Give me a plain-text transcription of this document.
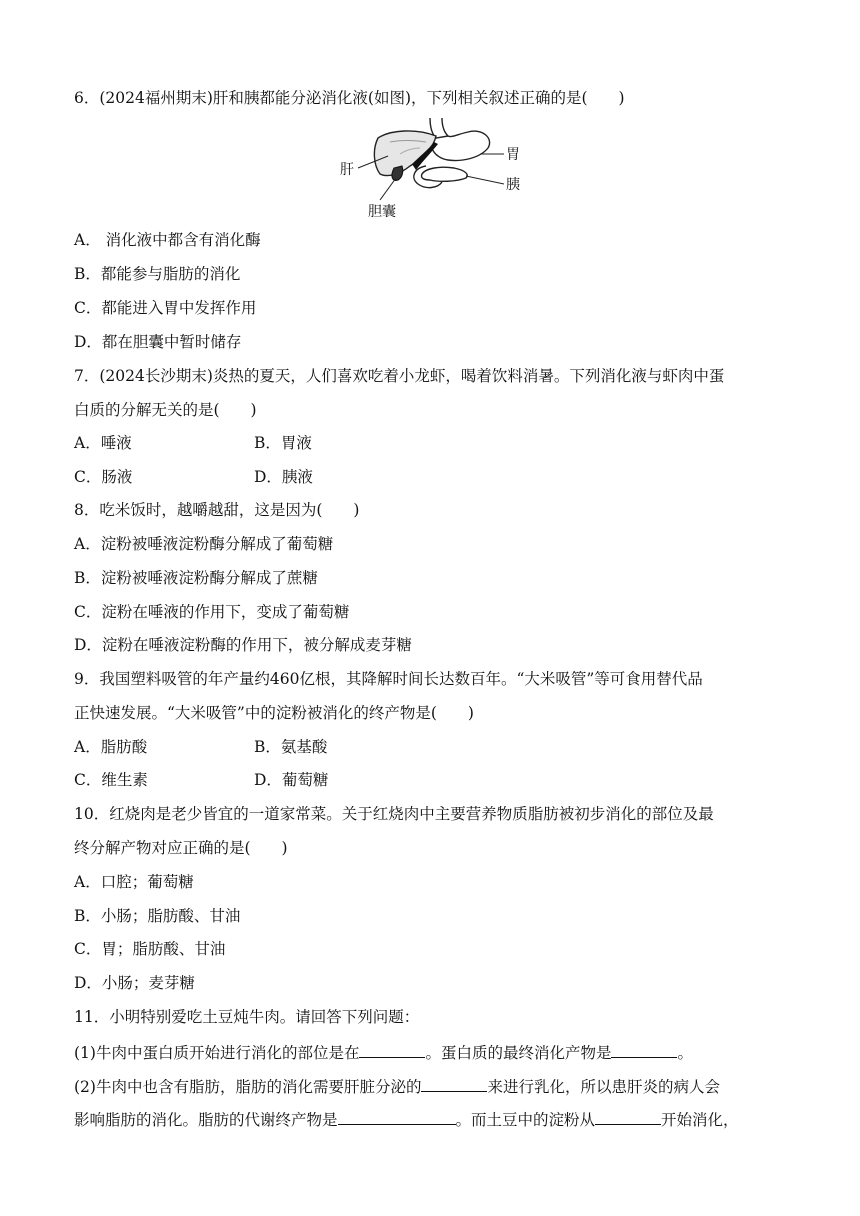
6．(2024福州期末)肝和胰都能分泌消化液(如图)，下列相关叙述正确的是(　　)
肝
胆囊
胃
胰
A． 消化液中都含有消化酶
B．都能参与脂肪的消化
C．都能进入胃中发挥作用
D．都在胆囊中暂时储存
7．(2024长沙期末)炎热的夏天，人们喜欢吃着小龙虾，喝着饮料消暑。下列消化液与虾肉中蛋
白质的分解无关的是(　　)
A．唾液	B．胃液
C．肠液	D．胰液
8．吃米饭时，越嚼越甜，这是因为(　　)
A．淀粉被唾液淀粉酶分解成了葡萄糖
B．淀粉被唾液淀粉酶分解成了蔗糖
C．淀粉在唾液的作用下，变成了葡萄糖
D．淀粉在唾液淀粉酶的作用下，被分解成麦芽糖
9．我国塑料吸管的年产量约460亿根，其降解时间长达数百年。“大米吸管”等可食用替代品
正快速发展。“大米吸管”中的淀粉被消化的终产物是(　　)
A．脂肪酸	B．氨基酸
C．维生素	D．葡萄糖
10．红烧肉是老少皆宜的一道家常菜。关于红烧肉中主要营养物质脂肪被初步消化的部位及最
终分解产物对应正确的是(　　)
A．口腔；葡萄糖
B．小肠；脂肪酸、甘油
C．胃；脂肪酸、甘油
D．小肠；麦芽糖
11．小明特别爱吃土豆炖牛肉。请回答下列问题：
(1)牛肉中蛋白质开始进行消化的部位是在	。蛋白质的最终消化产物是	。
(2)牛肉中也含有脂肪，脂肪的消化需要肝脏分泌的	来进行乳化，所以患肝炎的病人会
影响脂肪的消化。脂肪的代谢终产物是	。而土豆中的淀粉从	开始消化，
